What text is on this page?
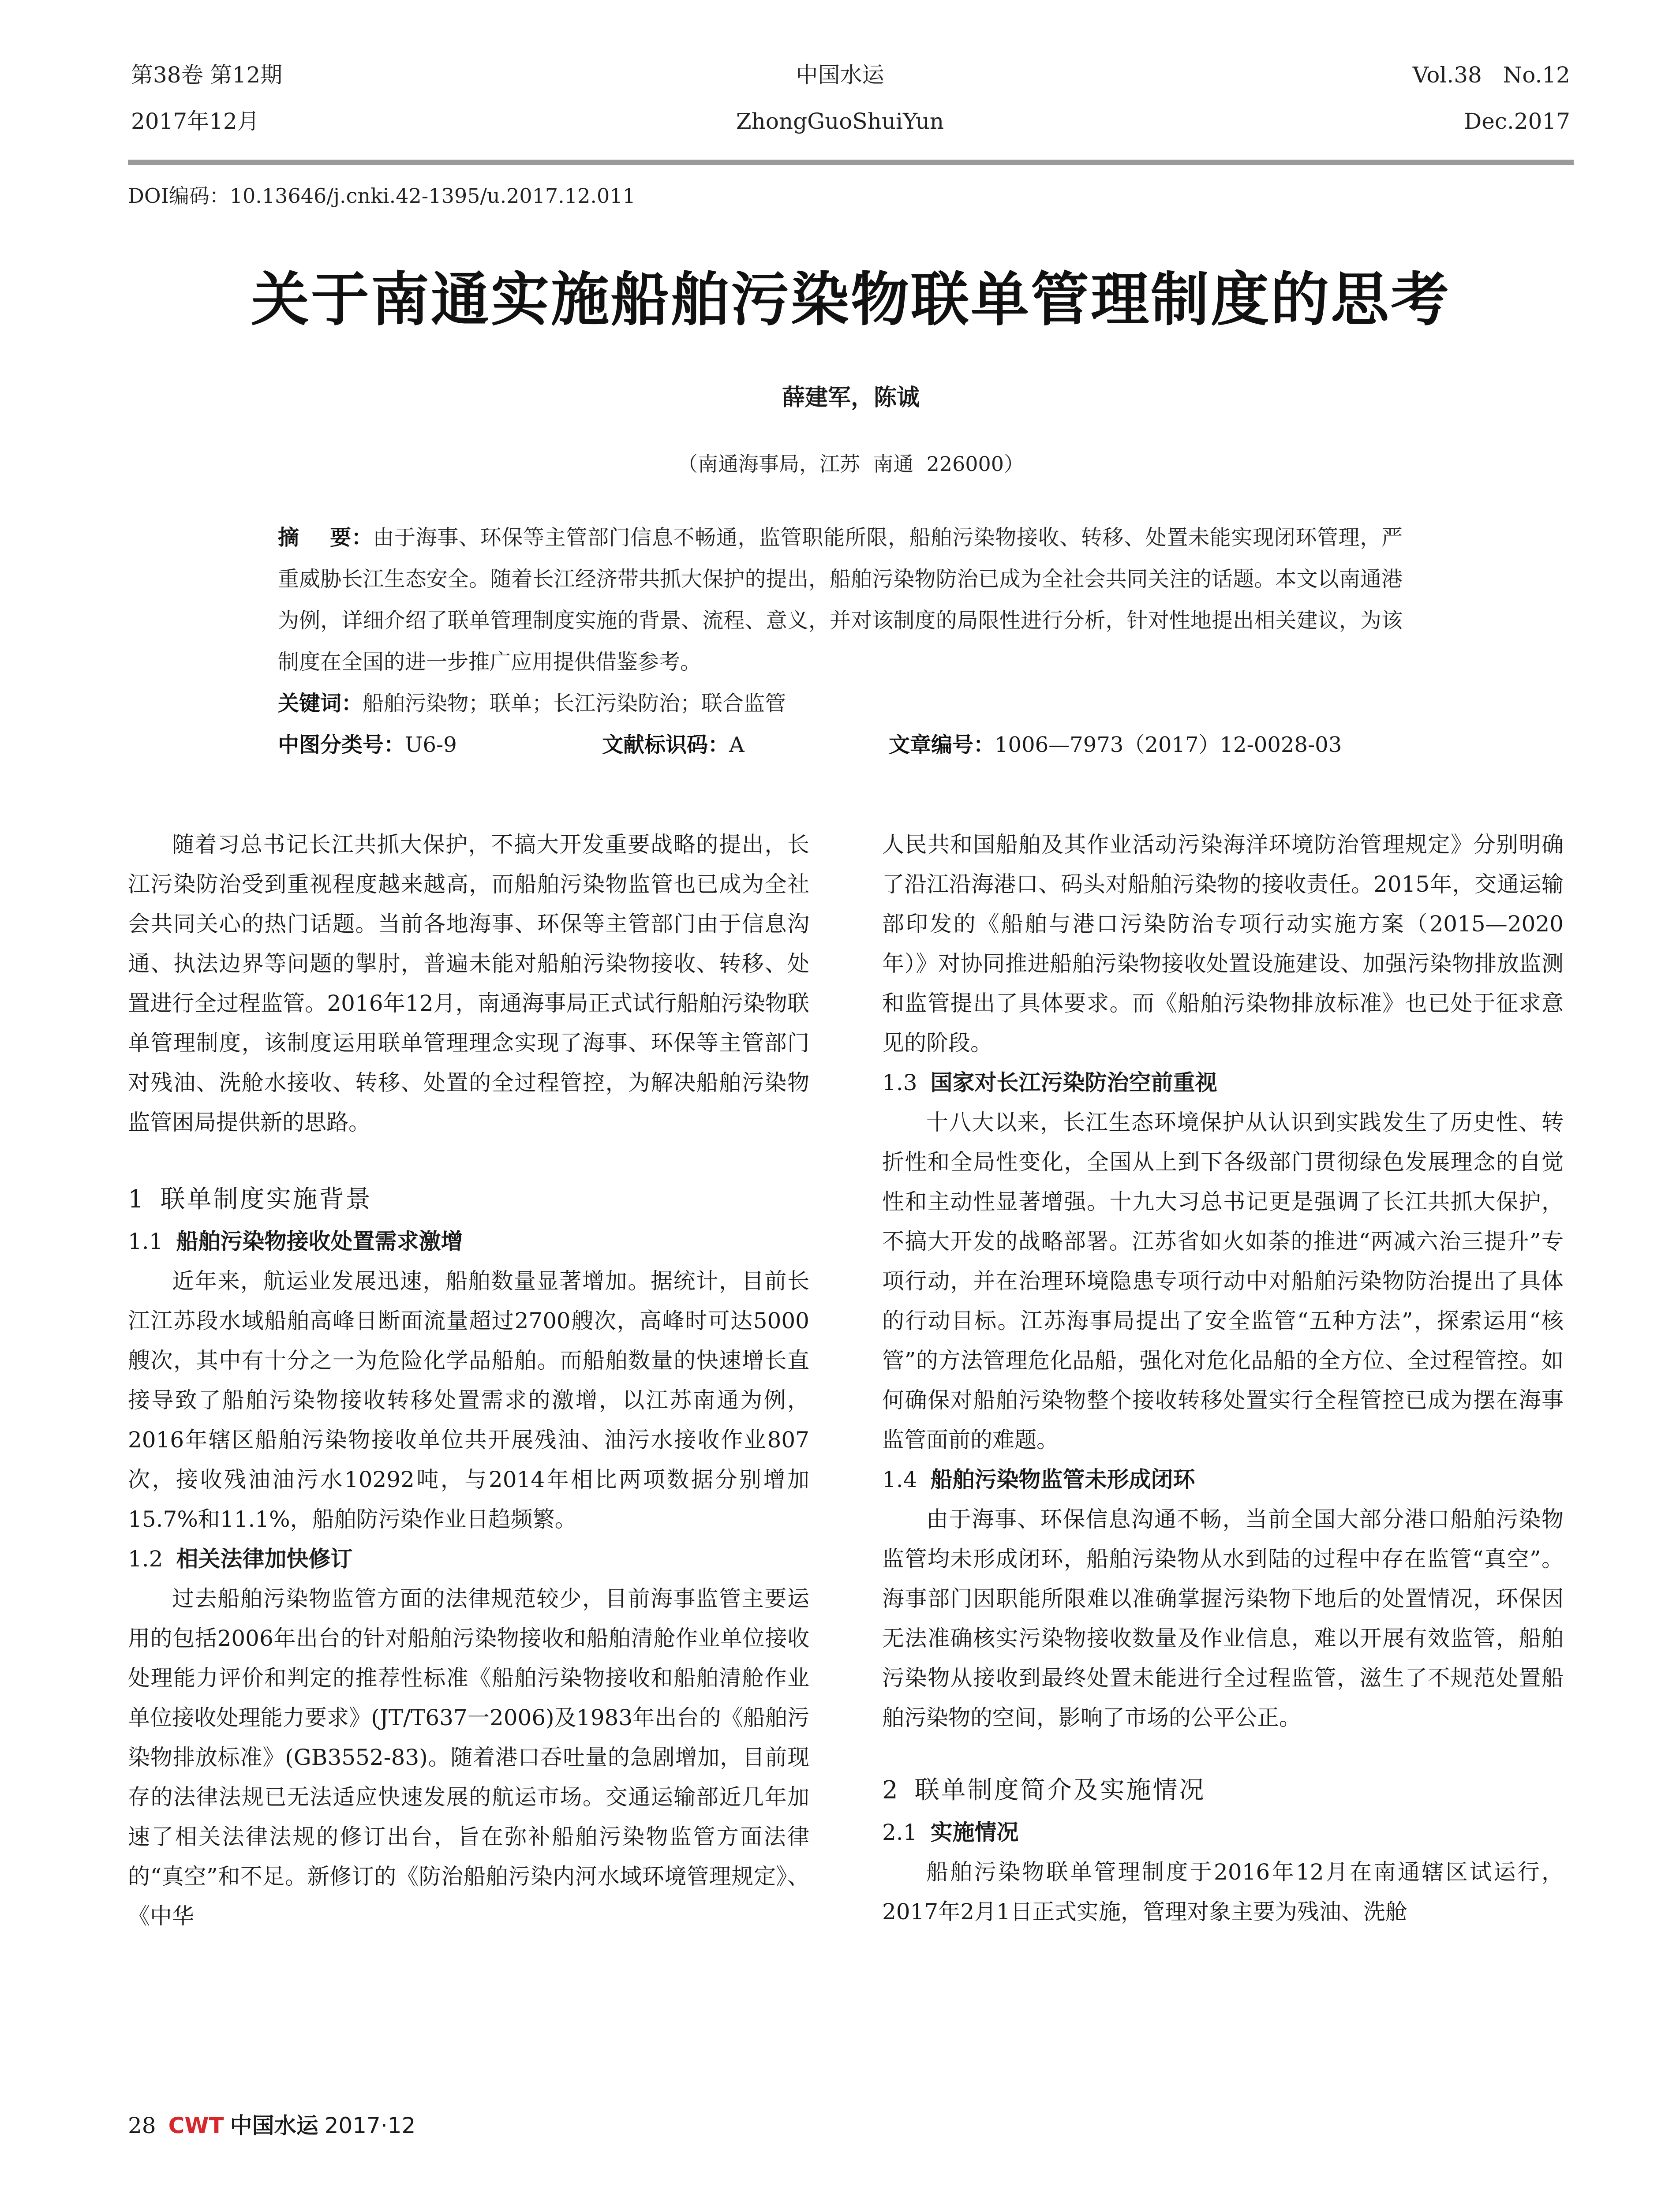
第38卷 第12期
2017年12月
中国水运
ZhongGuoShuiYun
Vol.38   No.12
Dec.2017
DOI编码：10.13646/j.cnki.42-1395/u.2017.12.011
关于南通实施船舶污染物联单管理制度的思考
薛建军，陈诚
（南通海事局，江苏  南通  226000）

摘    要：由于海事、环保等主管部门信息不畅通，监管职能所限，船舶污染物接收、转移、处置未能实现闭环管理，严重威胁长江生态安全。随着长江经济带共抓大保护的提出，船舶污染物防治已成为全社会共同关注的话题。本文以南通港为例，详细介绍了联单管理制度实施的背景、流程、意义，并对该制度的局限性进行分析，针对性地提出相关建议，为该制度在全国的进一步推广应用提供借鉴参考。

关键词：船舶污染物；联单；长江污染防治；联合监管

中图分类号：U6-9	文献标识码：A	文章编号：1006—7973（2017）12-0028-03

随着习总书记长江共抓大保护，不搞大开发重要战略的提出，长江污染防治受到重视程度越来越高，而船舶污染物监管也已成为全社会共同关心的热门话题。当前各地海事、环保等主管部门由于信息沟通、执法边界等问题的掣肘，普遍未能对船舶污染物接收、转移、处置进行全过程监管。2016年12月，南通海事局正式试行船舶污染物联单管理制度，该制度运用联单管理理念实现了海事、环保等主管部门对残油、洗舱水接收、转移、处置的全过程管控，为解决船舶污染物监管困局提供新的思路。

1 联单制度实施背景
1.1 船舶污染物接收处置需求激增

近年来，航运业发展迅速，船舶数量显著增加。据统计，目前长江江苏段水域船舶高峰日断面流量超过2700艘次，高峰时可达5000艘次，其中有十分之一为危险化学品船舶。而船舶数量的快速增长直接导致了船舶污染物接收转移处置需求的激增，以江苏南通为例，2016年辖区船舶污染物接收单位共开展残油、油污水接收作业807次，接收残油油污水10292吨，与2014年相比两项数据分别增加15.7%和11.1%，船舶防污染作业日趋频繁。

1.2 相关法律加快修订

过去船舶污染物监管方面的法律规范较少，目前海事监管主要运用的包括2006年出台的针对船舶污染物接收和船舶清舱作业单位接收处理能力评价和判定的推荐性标准《船舶污染物接收和船舶清舱作业单位接收处理能力要求》(JT/T637一2006)及1983年出台的《船舶污染物排放标准》(GB3552-83)。随着港口吞吐量的急剧增加，目前现存的法律法规已无法适应快速发展的航运市场。交通运输部近几年加速了相关法律法规的修订出台，旨在弥补船舶污染物监管方面法律的“真空”和不足。新修订的《防治船舶污染内河水域环境管理规定》、《中华

人民共和国船舶及其作业活动污染海洋环境防治管理规定》分别明确了沿江沿海港口、码头对船舶污染物的接收责任。2015年，交通运输部印发的《船舶与港口污染防治专项行动实施方案（2015—2020年）》对协同推进船舶污染物接收处置设施建设、加强污染物排放监测和监管提出了具体要求。而《船舶污染物排放标准》也已处于征求意见的阶段。

1.3 国家对长江污染防治空前重视

十八大以来，长江生态环境保护从认识到实践发生了历史性、转折性和全局性变化，全国从上到下各级部门贯彻绿色发展理念的自觉性和主动性显著增强。十九大习总书记更是强调了长江共抓大保护，不搞大开发的战略部署。江苏省如火如荼的推进“两减六治三提升”专项行动，并在治理环境隐患专项行动中对船舶污染物防治提出了具体的行动目标。江苏海事局提出了安全监管“五种方法”，探索运用“核管”的方法管理危化品船，强化对危化品船的全方位、全过程管控。如何确保对船舶污染物整个接收转移处置实行全程管控已成为摆在海事监管面前的难题。

1.4 船舶污染物监管未形成闭环

由于海事、环保信息沟通不畅，当前全国大部分港口船舶污染物监管均未形成闭环，船舶污染物从水到陆的过程中存在监管“真空”。海事部门因职能所限难以准确掌握污染物下地后的处置情况，环保因无法准确核实污染物接收数量及作业信息，难以开展有效监管，船舶污染物从接收到最终处置未能进行全过程监管，滋生了不规范处置船舶污染物的空间，影响了市场的公平公正。

2 联单制度简介及实施情况
2.1 实施情况

船舶污染物联单管理制度于2016年12月在南通辖区试运行，  2017年2月1日正式实施，管理对象主要为残油、洗舱

28 CWT 中国水运 2017·12
